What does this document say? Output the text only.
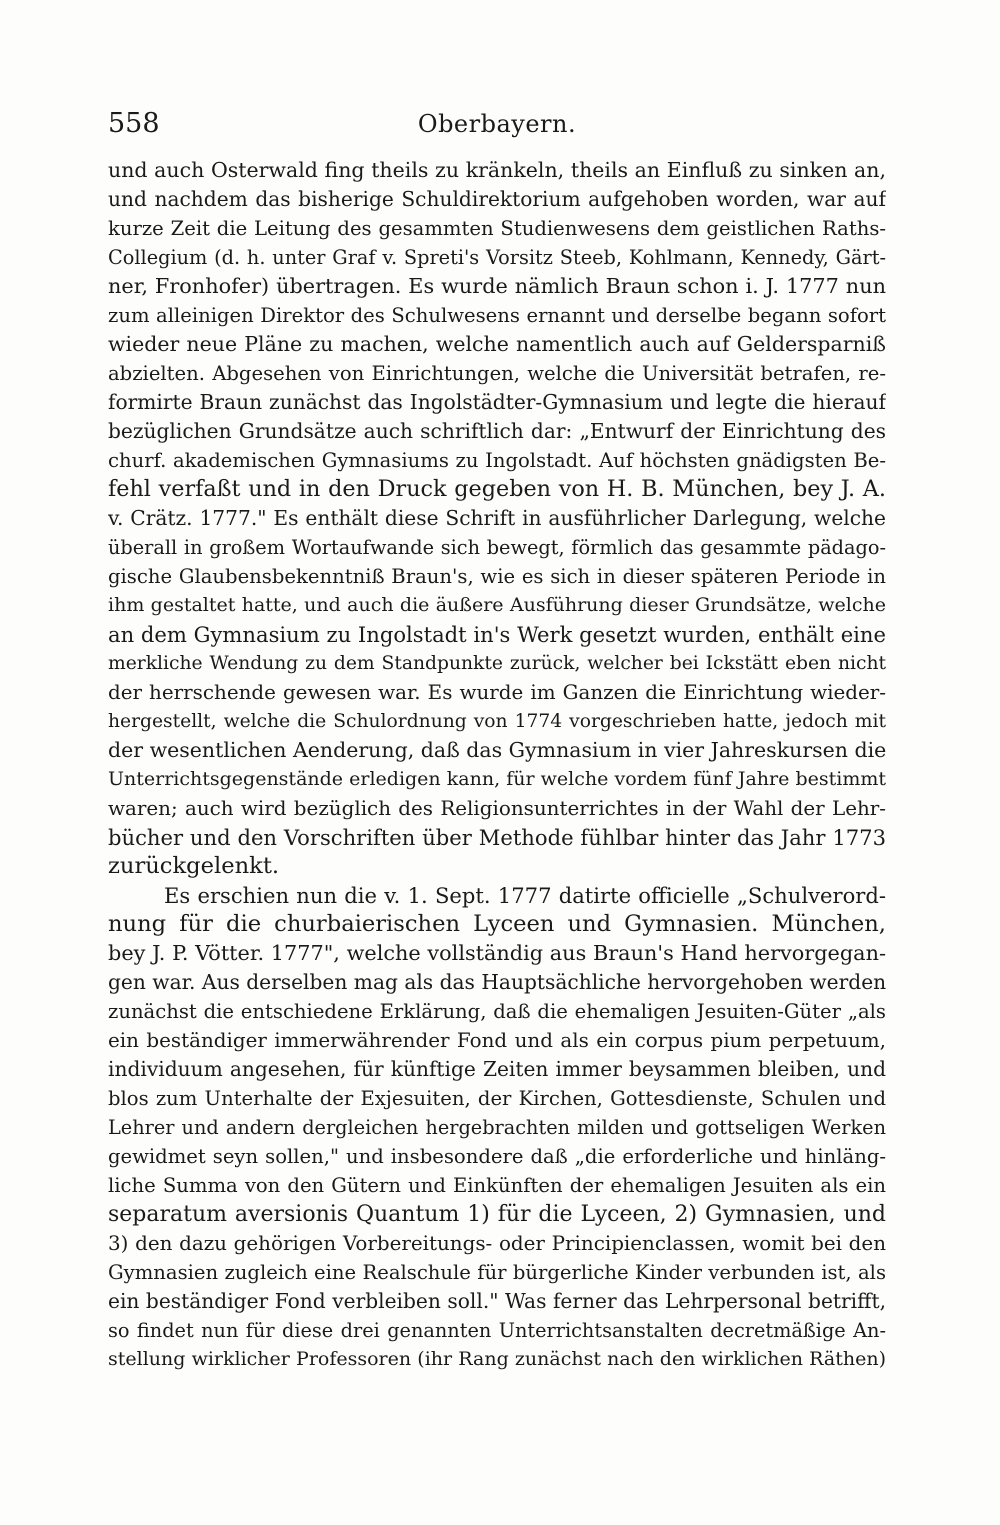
558	Oberbayern.
und auch Osterwald fing theils zu kränkeln, theils an Einfluß zu sinken an,
und nachdem das bisherige Schuldirektorium aufgehoben worden, war auf
kurze Zeit die Leitung des gesammten Studienwesens dem geistlichen Raths-
Collegium (d. h. unter Graf v. Spreti's Vorsitz Steeb, Kohlmann, Kennedy, Gärt-
ner, Fronhofer) übertragen. Es wurde nämlich Braun schon i. J. 1777 nun
zum alleinigen Direktor des Schulwesens ernannt und derselbe begann sofort
wieder neue Pläne zu machen, welche namentlich auch auf Geldersparniß
abzielten. Abgesehen von Einrichtungen, welche die Universität betrafen, re-
formirte Braun zunächst das Ingolstädter-Gymnasium und legte die hierauf
bezüglichen Grundsätze auch schriftlich dar: „Entwurf der Einrichtung des
churf. akademischen Gymnasiums zu Ingolstadt. Auf höchsten gnädigsten Be-
fehl verfaßt und in den Druck gegeben von H. B. München, bey J. A.
v. Crätz. 1777." Es enthält diese Schrift in ausführlicher Darlegung, welche
überall in großem Wortaufwande sich bewegt, förmlich das gesammte pädago-
gische Glaubensbekenntniß Braun's, wie es sich in dieser späteren Periode in
ihm gestaltet hatte, und auch die äußere Ausführung dieser Grundsätze, welche
an dem Gymnasium zu Ingolstadt in's Werk gesetzt wurden, enthält eine
merkliche Wendung zu dem Standpunkte zurück, welcher bei Ickstätt eben nicht
der herrschende gewesen war. Es wurde im Ganzen die Einrichtung wieder-
hergestellt, welche die Schulordnung von 1774 vorgeschrieben hatte, jedoch mit
der wesentlichen Aenderung, daß das Gymnasium in vier Jahreskursen die
Unterrichtsgegenstände erledigen kann, für welche vordem fünf Jahre bestimmt
waren; auch wird bezüglich des Religionsunterrichtes in der Wahl der Lehr-
bücher und den Vorschriften über Methode fühlbar hinter das Jahr 1773
zurückgelenkt.
Es erschien nun die v. 1. Sept. 1777 datirte officielle „Schulverord-
nung für die churbaierischen Lyceen und Gymnasien. München,
bey J. P. Vötter. 1777", welche vollständig aus Braun's Hand hervorgegan-
gen war. Aus derselben mag als das Hauptsächliche hervorgehoben werden
zunächst die entschiedene Erklärung, daß die ehemaligen Jesuiten-Güter „als
ein beständiger immerwährender Fond und als ein corpus pium perpetuum,
individuum angesehen, für künftige Zeiten immer beysammen bleiben, und
blos zum Unterhalte der Exjesuiten, der Kirchen, Gottesdienste, Schulen und
Lehrer und andern dergleichen hergebrachten milden und gottseligen Werken
gewidmet seyn sollen," und insbesondere daß „die erforderliche und hinläng-
liche Summa von den Gütern und Einkünften der ehemaligen Jesuiten als ein
separatum aversionis Quantum 1) für die Lyceen, 2) Gymnasien, und
3) den dazu gehörigen Vorbereitungs- oder Principienclassen, womit bei den
Gymnasien zugleich eine Realschule für bürgerliche Kinder verbunden ist, als
ein beständiger Fond verbleiben soll." Was ferner das Lehrpersonal betrifft,
so findet nun für diese drei genannten Unterrichtsanstalten decretmäßige An-
stellung wirklicher Professoren (ihr Rang zunächst nach den wirklichen Räthen)
